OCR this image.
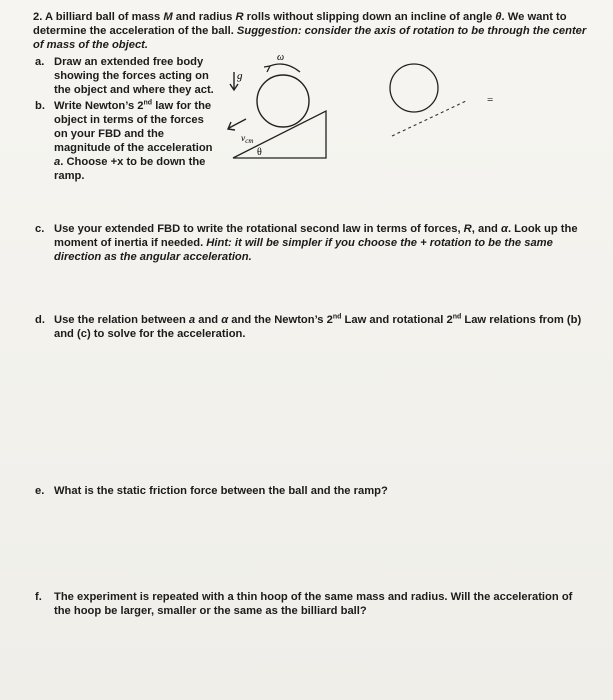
2. A billiard ball of mass M and radius R rolls without slipping down an incline of angle θ. We want to determine the acceleration of the ball. Suggestion: consider the axis of rotation to be through the center of mass of the object.

a. Draw an extended free body
showing the forces acting on
the object and where they act.

b. Write Newton’s 2nd law for the
object in terms of the forces
on your FBD and the
magnitude of the acceleration
a. Choose +x to be down the
ramp.

g
ω
$v_{cm}$
θ
=
c. Use your extended FBD to write the rotational second law in terms of forces, R, and α. Look up the moment of inertia if needed. Hint: it will be simpler if you choose the + rotation to be the same direction as the angular acceleration.

d. Use the relation between a and α and the Newton’s 2nd Law and rotational 2nd Law relations from (b) and (c) to solve for the acceleration.

e. What is the static friction force between the ball and the ramp?

f. The experiment is repeated with a thin hoop of the same mass and radius. Will the acceleration of the hoop be larger, smaller or the same as the billiard ball?
